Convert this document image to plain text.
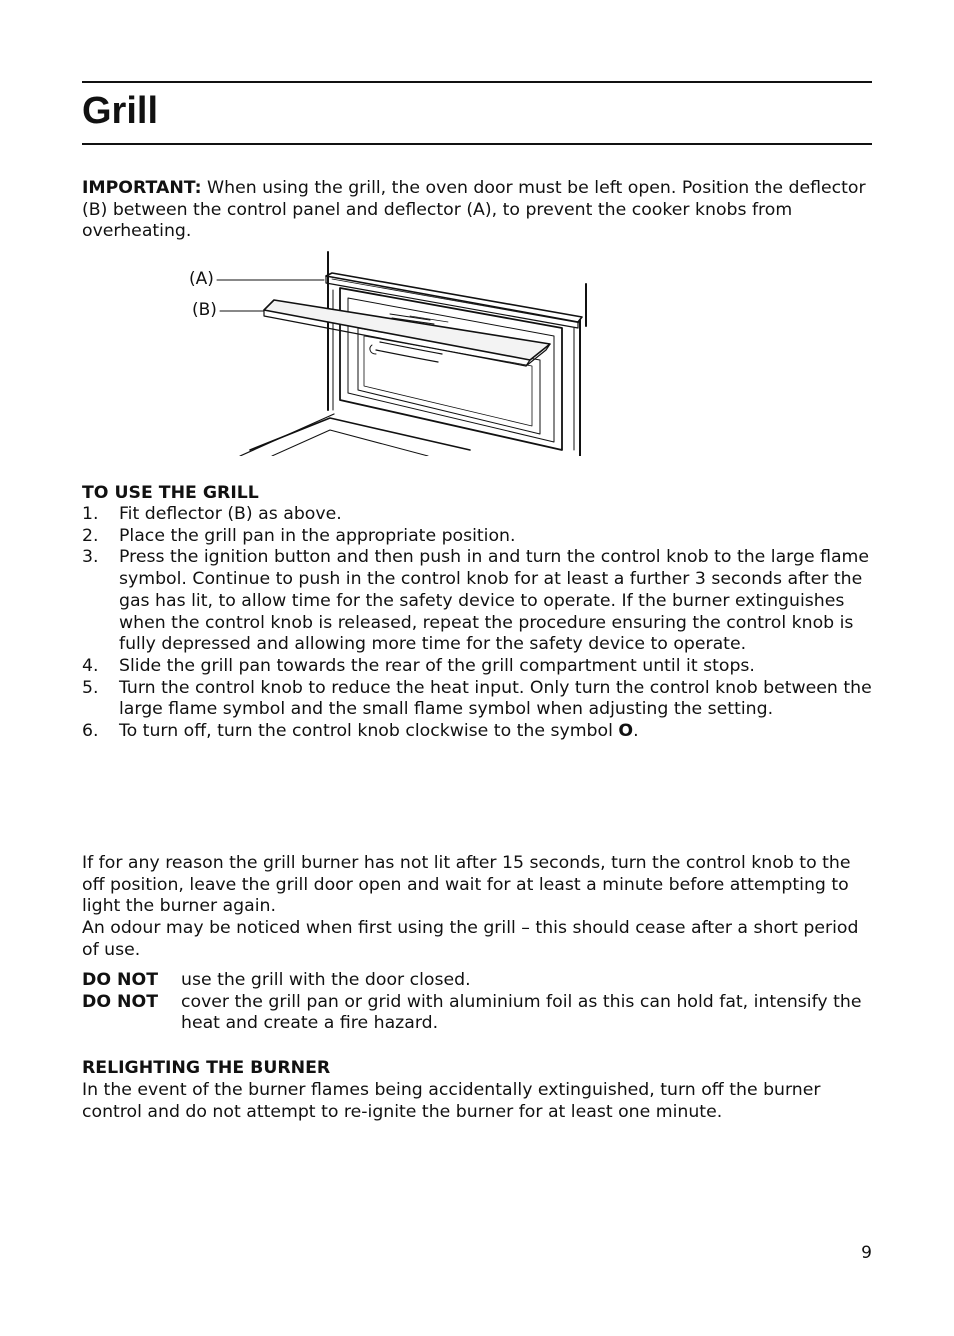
Grill

IMPORTANT: When using the grill, the oven door must be left open. Position the deflector (B) between the control panel and deflector (A), to prevent the cooker knobs from overheating.

(A)
(B)
TO USE THE GRILL
1.	Fit deflector (B) as above.
2.	Place the grill pan in the appropriate position.
3.	Press the ignition button and then push in and turn the control knob to the large flame symbol. Continue to push in the control knob for at least a further 3 seconds after the gas has lit, to allow time for the safety device to operate. If the burner extinguishes when the control knob is released, repeat the procedure ensuring the control knob is fully depressed and allowing more time for the safety device to operate.
4.	Slide the grill pan towards the rear of the grill compartment until it stops.
5.	Turn the control knob to reduce the heat input. Only turn the control knob between the large flame symbol and the small flame symbol when adjusting the setting.
6.	To turn off, turn the control knob clockwise to the symbol O.

If for any reason the grill burner has not lit after 15 seconds, turn the control knob to the off position, leave the grill door open and wait for at least a minute before attempting to light the burner again.

An odour may be noticed when first using the grill – this should cease after a short period of use.

DO NOT	use the grill with the door closed.
DO NOT	cover the grill pan or grid with aluminium foil as this can hold fat, intensify the heat and create a fire hazard.
RELIGHTING THE BURNER

In the event of the burner flames being accidentally extinguished, turn off the burner control and do not attempt to re-ignite the burner for at least one minute.

9
